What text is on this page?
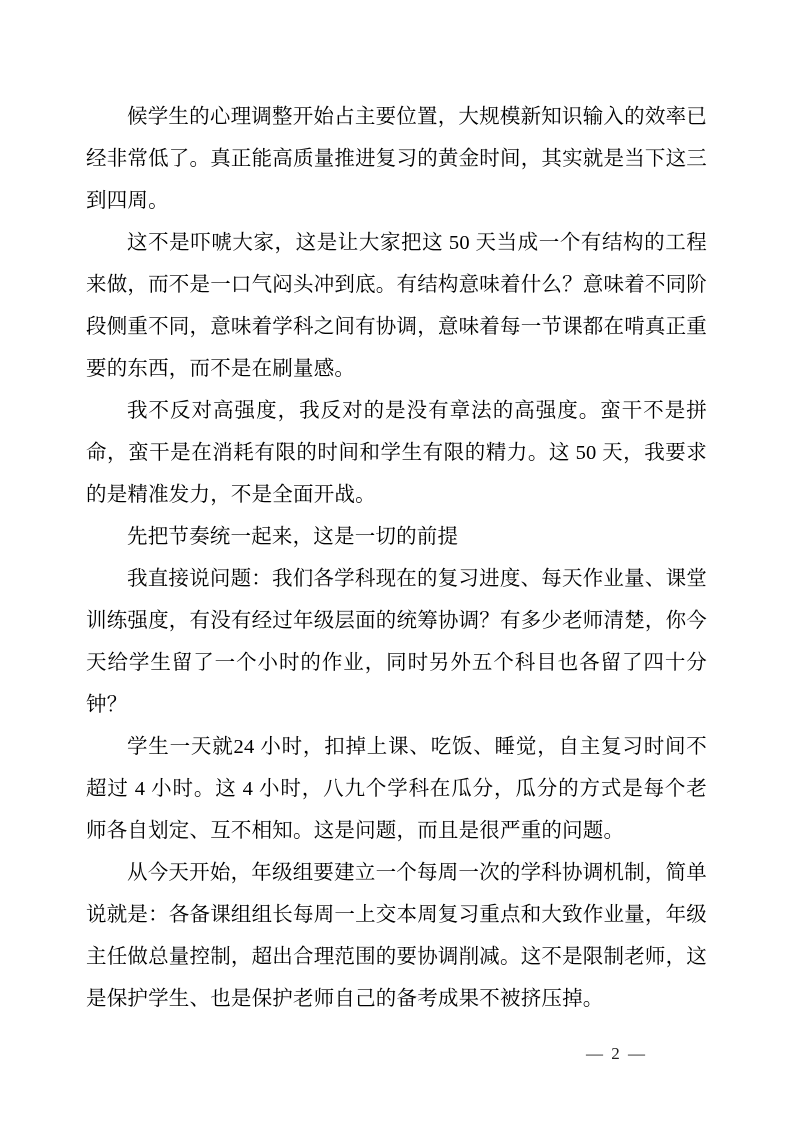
候学生的心理调整开始占主要位置，大规模新知识输入的效率已经非常低了。真正能高质量推进复习的黄金时间，其实就是当下这三到四周。

这不是吓唬大家，这是让大家把这 50 天当成一个有结构的工程来做，而不是一口气闷头冲到底。有结构意味着什么？意味着不同阶段侧重不同，意味着学科之间有协调，意味着每一节课都在啃真正重要的东西，而不是在刷量感。

我不反对高强度，我反对的是没有章法的高强度。蛮干不是拼命，蛮干是在消耗有限的时间和学生有限的精力。这 50 天，我要求的是精准发力，不是全面开战。

先把节奏统一起来，这是一切的前提

我直接说问题：我们各学科现在的复习进度、每天作业量、课堂训练强度，有没有经过年级层面的统筹协调？有多少老师清楚，你今天给学生留了一个小时的作业，同时另外五个科目也各留了四十分钟？

学生一天就24 小时，扣掉上课、吃饭、睡觉，自主复习时间不超过 4 小时。这 4 小时，八九个学科在瓜分，瓜分的方式是每个老师各自划定、互不相知。这是问题，而且是很严重的问题。

从今天开始，年级组要建立一个每周一次的学科协调机制，简单说就是：各备课组组长每周一上交本周复习重点和大致作业量，年级主任做总量控制，超出合理范围的要协调削减。这不是限制老师，这是保护学生、也是保护老师自己的备考成果不被挤压掉。

— 2 —
